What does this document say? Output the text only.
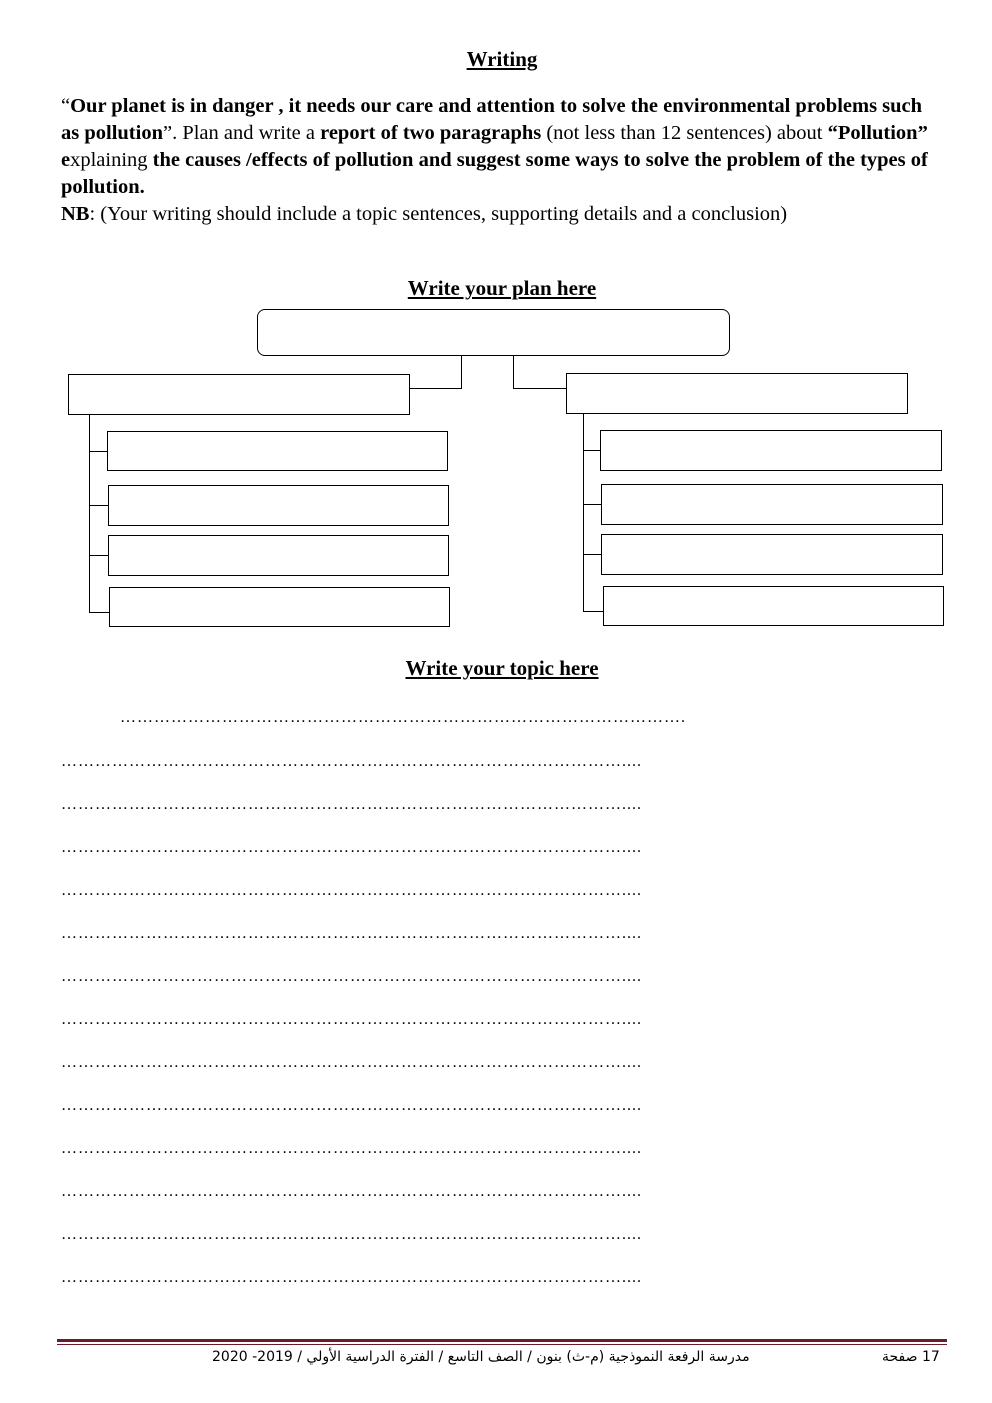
Writing

“Our planet is in danger , it needs our care and attention to solve the environmental problems such as pollution”. Plan and write a report of two paragraphs (not less than 12 sentences) about “Pollution” explaining the causes /effects of pollution and suggest some ways to solve the problem of the types of pollution.

NB: (Your writing should include a topic sentences, supporting details and a conclusion)

Write your plan here
Write your topic here
……………………………………………………………………………………….
………………………………………………………………………………………....
………………………………………………………………………………………....
………………………………………………………………………………………....
………………………………………………………………………………………....
………………………………………………………………………………………....
………………………………………………………………………………………....
………………………………………………………………………………………....
………………………………………………………………………………………....
………………………………………………………………………………………....
………………………………………………………………………………………....
………………………………………………………………………………………....
………………………………………………………………………………………....
………………………………………………………………………………………....
مدرسة الرفعة النموذجية (م-ث) بنون / الصف التاسع / الفترة الدراسية الأولي / 2019- 2020	17 صفحة
